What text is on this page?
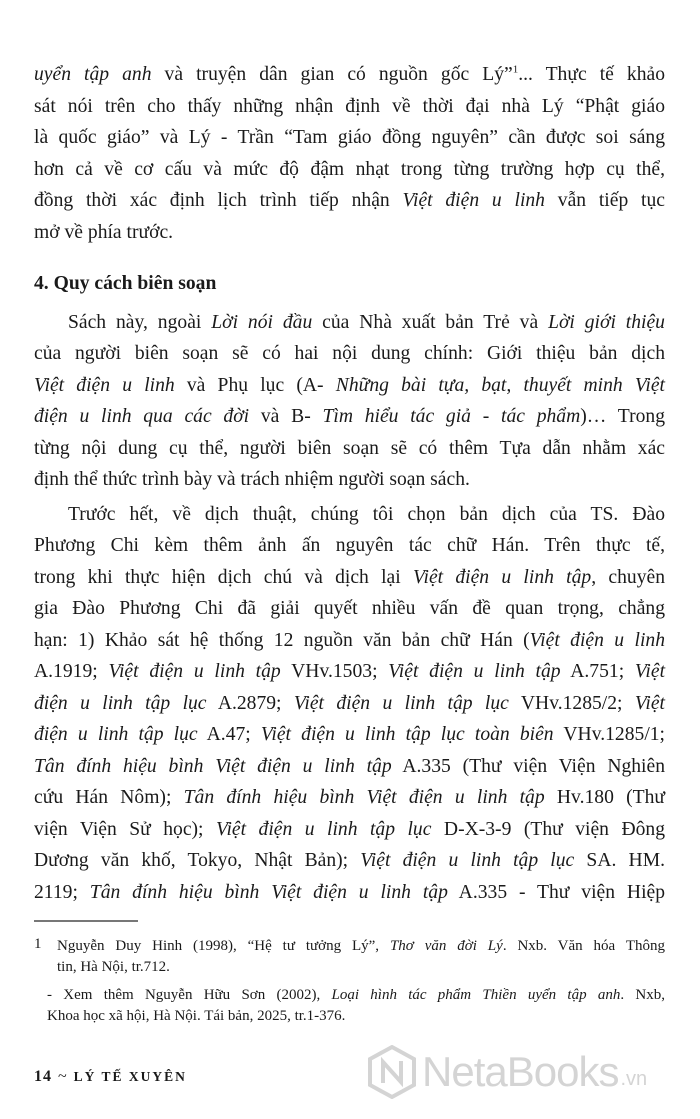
uyển tập anh và truyện dân gian có nguồn gốc Lý”$^1$... Thực tế khảo
sát nói trên cho thấy những nhận định về thời đại nhà Lý “Phật giáo
là quốc giáo” và Lý - Trần “Tam giáo đồng nguyên” cần được soi sáng
hơn cả về cơ cấu và mức độ đậm nhạt trong từng trường hợp cụ thể,
đồng thời xác định lịch trình tiếp nhận Việt điện u linh vẫn tiếp tục
mở về phía trước.
4. Quy cách biên soạn
Sách này, ngoài Lời nói đầu của Nhà xuất bản Trẻ và Lời giới thiệu
của người biên soạn sẽ có hai nội dung chính: Giới thiệu bản dịch
Việt điện u linh và Phụ lục (A- Những bài tựa, bạt, thuyết minh Việt
điện u linh qua các đời và B- Tìm hiểu tác giả - tác phẩm)… Trong
từng nội dung cụ thể, người biên soạn sẽ có thêm Tựa dẫn nhằm xác
định thể thức trình bày và trách nhiệm người soạn sách.
Trước hết, về dịch thuật, chúng tôi chọn bản dịch của TS. Đào
Phương Chi kèm thêm ảnh ấn nguyên tác chữ Hán. Trên thực tế,
trong khi thực hiện dịch chú và dịch lại Việt điện u linh tập, chuyên
gia Đào Phương Chi đã giải quyết nhiều vấn đề quan trọng, chẳng
hạn: 1) Khảo sát hệ thống 12 nguồn văn bản chữ Hán (Việt điện u linh
A.1919; Việt điện u linh tập VHv.1503; Việt điện u linh tập A.751; Việt
điện u linh tập lục A.2879; Việt điện u linh tập lục VHv.1285/2; Việt
điện u linh tập lục A.47; Việt điện u linh tập lục toàn biên VHv.1285/1;
Tân đính hiệu bình Việt điện u linh tập A.335 (Thư viện Viện Nghiên
cứu Hán Nôm); Tân đính hiệu bình Việt điện u linh tập Hv.180 (Thư
viện Viện Sử học); Việt điện u linh tập lục D-X-3-9 (Thư viện Đông
Dương văn khố, Tokyo, Nhật Bản); Việt điện u linh tập lục SA. HM.
2119; Tân đính hiệu bình Việt điện u linh tập A.335 - Thư viện Hiệp
1 Nguyễn Duy Hinh (1998), “Hệ tư tưởng Lý”, Thơ văn đời Lý. Nxb. Văn hóa Thông
tin, Hà Nội, tr.712.
- Xem thêm Nguyễn Hữu Sơn (2002), Loại hình tác phẩm Thiền uyển tập anh. Nxb,
Khoa học xã hội, Hà Nội. Tái bản, 2025, tr.1-376.
14 ~ LÝ TẾ XUYÊN	NetaBooks .vn
